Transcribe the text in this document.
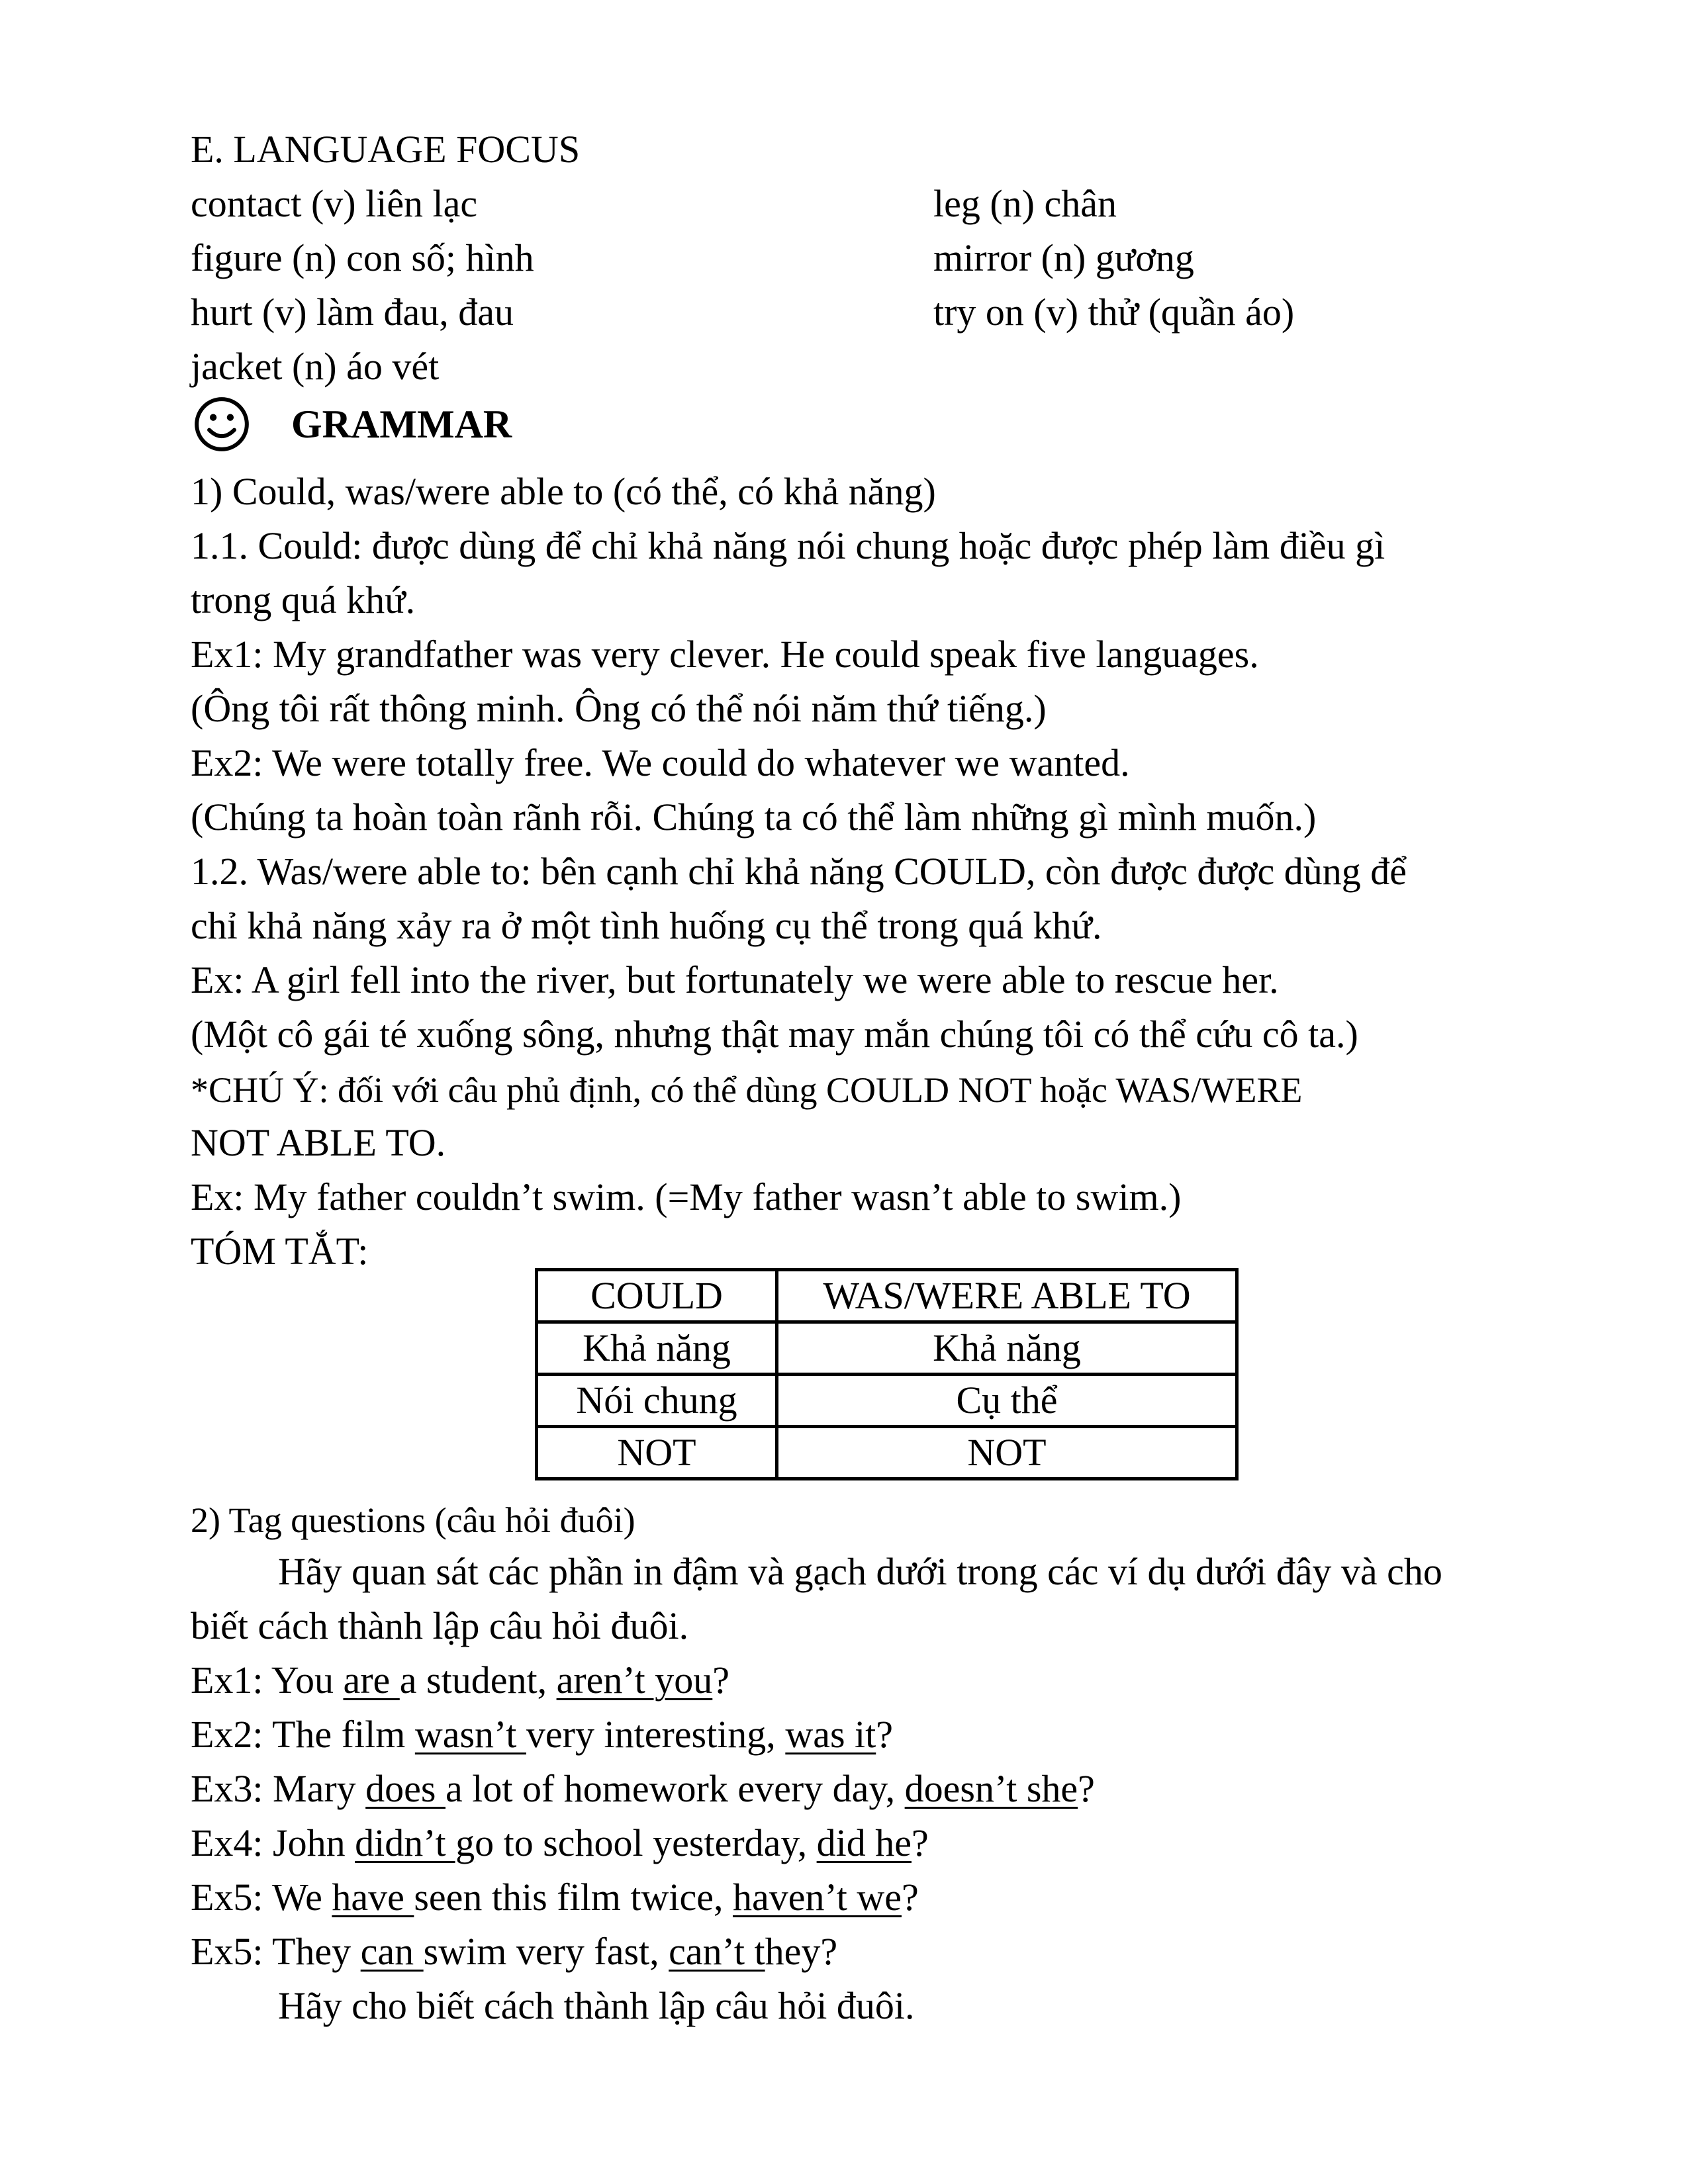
E. LANGUAGE FOCUS

contact (v) liên lạc	leg (n) chân

figure (n) con số; hình	mirror (n) gương

hurt (v) làm đau, đau	try on (v) thử (quần áo)

jacket (n) áo vét

GRAMMAR

1) Could, was/were able to (có thể, có khả năng)

1.1. Could: được dùng để chỉ khả năng nói chung hoặc được phép làm điều gì

trong quá khứ.

Ex1: My grandfather was very clever. He could speak five languages.

(Ông tôi rất thông minh. Ông có thể nói năm thứ tiếng.)

Ex2: We were totally free. We could do whatever we wanted.

(Chúng ta hoàn toàn rãnh rỗi. Chúng ta có thể làm những gì mình muốn.)

1.2. Was/were able to: bên cạnh chỉ khả năng COULD, còn được được dùng để

chỉ khả năng xảy ra ở một tình huống cụ thể trong quá khứ.

Ex: A girl fell into the river, but fortunately we were able to rescue her.

(Một cô gái té xuống sông, nhưng thật may mắn chúng tôi có thể cứu cô ta.)

*CHÚ Ý: đối với câu phủ định, có thể dùng COULD NOT hoặc WAS/WERE

NOT ABLE TO.

Ex: My father couldn’t swim. (=My father wasn’t able to swim.)

TÓM TẮT:

COULD	WAS/WERE ABLE TO
Khả năng	Khả năng
Nói chung	Cụ thể
NOT	NOT

2) Tag questions (câu hỏi đuôi)

Hãy quan sát các phần in đậm và gạch dưới trong các ví dụ dưới đây và cho

biết cách thành lập câu hỏi đuôi.

Ex1: You are a student, aren’t you?

Ex2: The film wasn’t very interesting, was it?

Ex3: Mary does a lot of homework every day, doesn’t she?

Ex4: John didn’t go to school yesterday, did he?

Ex5: We have seen this film twice, haven’t we?

Ex5: They can swim very fast, can’t they?

Hãy cho biết cách thành lập câu hỏi đuôi.
